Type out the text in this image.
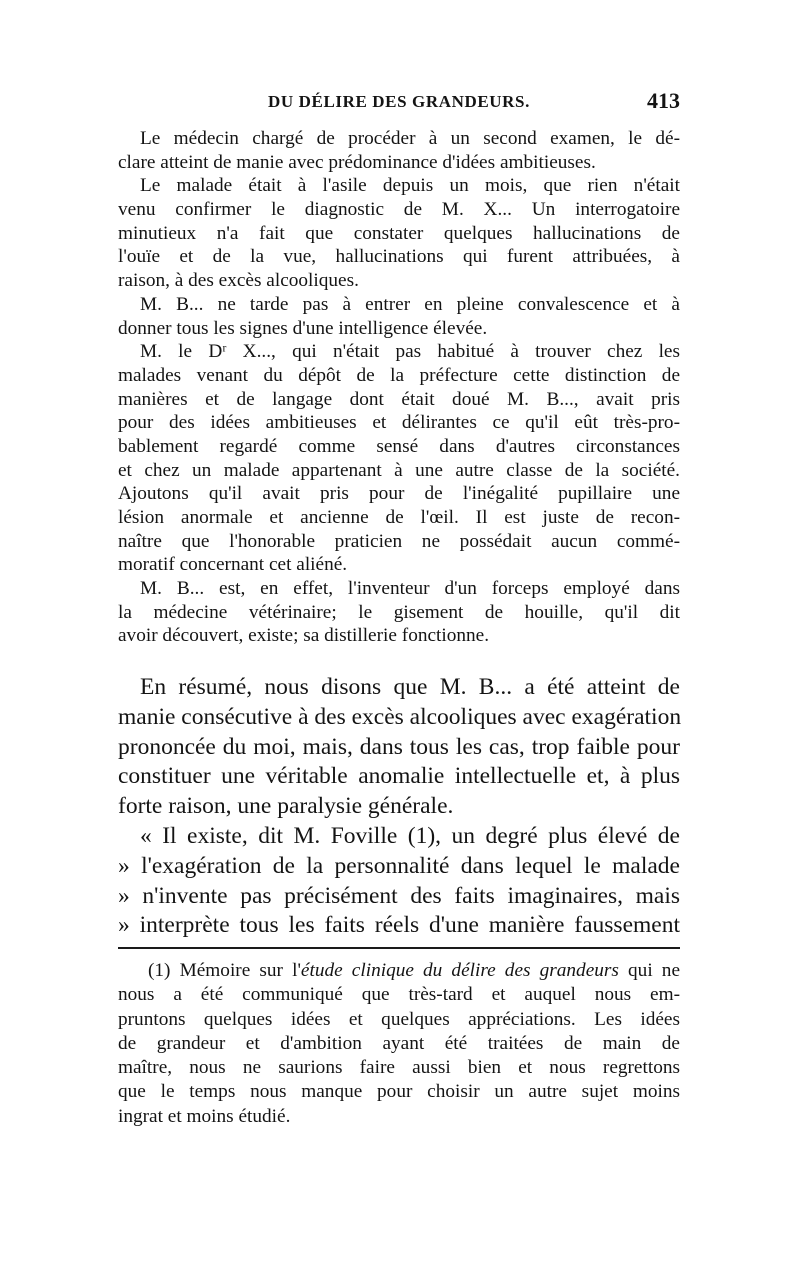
DU DÉLIRE DES GRANDEURS.	413
Le médecin chargé de procéder à un second examen, le dé-
clare atteint de manie avec prédominance d'idées ambitieuses.
Le malade était à l'asile depuis un mois, que rien n'était
venu confirmer le diagnostic de M. X... Un interrogatoire
minutieux n'a fait que constater quelques hallucinations de
l'ouïe et de la vue, hallucinations qui furent attribuées, à
raison, à des excès alcooliques.
M. B... ne tarde pas à entrer en pleine convalescence et à
donner tous les signes d'une intelligence élevée.
M. le Dʳ X..., qui n'était pas habitué à trouver chez les
malades venant du dépôt de la préfecture cette distinction de
manières et de langage dont était doué M. B..., avait pris
pour des idées ambitieuses et délirantes ce qu'il eût très-pro-
bablement regardé comme sensé dans d'autres circonstances
et chez un malade appartenant à une autre classe de la société.
Ajoutons qu'il avait pris pour de l'inégalité pupillaire une
lésion anormale et ancienne de l'œil. Il est juste de recon-
naître que l'honorable praticien ne possédait aucun commé-
moratif concernant cet aliéné.
M. B... est, en effet, l'inventeur d'un forceps employé dans
la médecine vétérinaire; le gisement de houille, qu'il dit
avoir découvert, existe; sa distillerie fonctionne.
En résumé, nous disons que M. B... a été atteint de
manie consécutive à des excès alcooliques avec exagération
prononcée du moi, mais, dans tous les cas, trop faible pour
constituer une véritable anomalie intellectuelle et, à plus
forte raison, une paralysie générale.
« Il existe, dit M. Foville (1), un degré plus élevé de
» l'exagération de la personnalité dans lequel le malade
» n'invente pas précisément des faits imaginaires, mais
» interprète tous les faits réels d'une manière faussement
(1) Mémoire sur l'étude clinique du délire des grandeurs qui ne
nous a été communiqué que très-tard et auquel nous em-
pruntons quelques idées et quelques appréciations. Les idées
de grandeur et d'ambition ayant été traitées de main de
maître, nous ne saurions faire aussi bien et nous regrettons
que le temps nous manque pour choisir un autre sujet moins
ingrat et moins étudié.
